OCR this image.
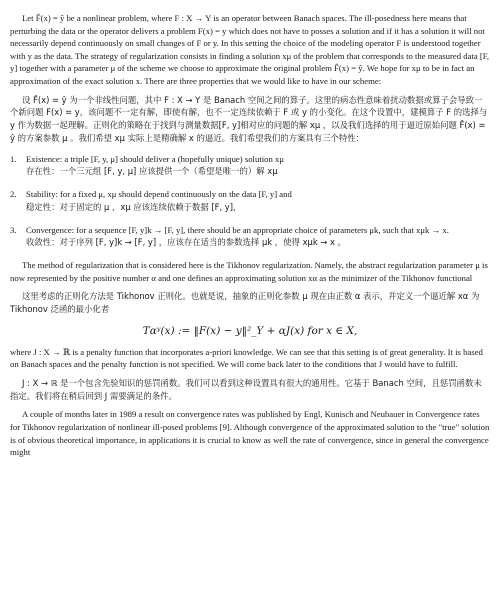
Let F̂(x) = ŷ be a nonlinear problem, where F : X → Y is an operator between Banach spaces. The ill-posedness here means that perturbing the data or the operator delivers a problem F(x) = y which does not have to posses a solution and if it has a solution it will not necessarily depend continuously on small changes of F or y. In this setting the choice of the modeling operator F is understood together with y as the data. The strategy of regularization consists in finding a solution xμ of the problem that corresponds to the measured data [F, y] together with a parameter μ of the scheme we choose to approximate the original problem F̂(x) = ŷ. We hope for xμ to be in fact an approximation of the exact solution x. There are three properties that we would like to have in our scheme:

设 F̂(x) = ŷ 为一个非线性问题，其中 F : X → Y 是 Banach 空间之间的算子。这里的病态性意味着扰动数据或算子会导致一个新问题 F(x) = y，该问题不一定有解，即使有解，也不一定连续依赖于 F 或 y 的小变化。在这个设置中，建模算子 F 的选择与 y 作为数据一起理解。正则化的策略在于找到与测量数据[F, y]相对应的问题的解 xμ ，以及我们选择的用于逼近原始问题 F̂(x) = ŷ 的方案参数 μ 。我们希望 xμ 实际上是精确解 x 的逼近。我们希望我们的方案具有三个特性：

1. Existence: a triple [F, y, μ] should deliver a (hopefully unique) solution xμ

存在性：一个三元组 [F, y, μ] 应该提供一个（希望是唯一的）解 xμ

2. Stability: for a fixed μ, xμ should depend continuously on the data [F, y] and

稳定性：对于固定的 μ ，xμ 应该连续依赖于数据 [F, y]，

3. Convergence: for a sequence [F, y]k → [F, y], there should be an appropriate choice of parameters μk, such that xμk → x.

收敛性：对于序列 [F, y]k → [F, y] ，应该存在适当的参数选择 μk ，使得 xμk → x 。

The method of regularization that is considered here is the Tikhonov regularization. Namely, the abstract regularization parameter μ is now represented by the positive number α and one defines an approximating solution xα as the minimizer of the Tikhonov functional

这里考虑的正则化方法是 Tikhonov 正则化。也就是说，抽象的正则化参数 μ 现在由正数 α 表示，并定义一个逼近解 xα 为 Tikhonov 泛函的最小化者

Tαʸ(x) := ‖F(x) − y‖²_Y + αJ(x) for x ∈ X,

where J : X → ℝ is a penalty function that incorporates a-priori knowledge. We can see that this setting is of great generality. It is based on Banach spaces and the penalty function is not specified. We will come back later to the conditions that J would have to fulfill.

J : X → ℝ 是一个包含先验知识的惩罚函数。我们可以看到这种设置具有很大的通用性。它基于 Banach 空间，且惩罚函数未指定。我们将在稍后回到 J 需要满足的条件。

A couple of months later in 1989 a result on convergence rates was published by Engl, Kunisch and Neubauer in Convergence rates for Tikhonov regularization of nonlinear ill-posed problems [9]. Although convergence of the approximated solution to the "true" solution is of obvious theoretical importance, in applications it is crucial to know as well the rate of convergence, since in general the convergence might
